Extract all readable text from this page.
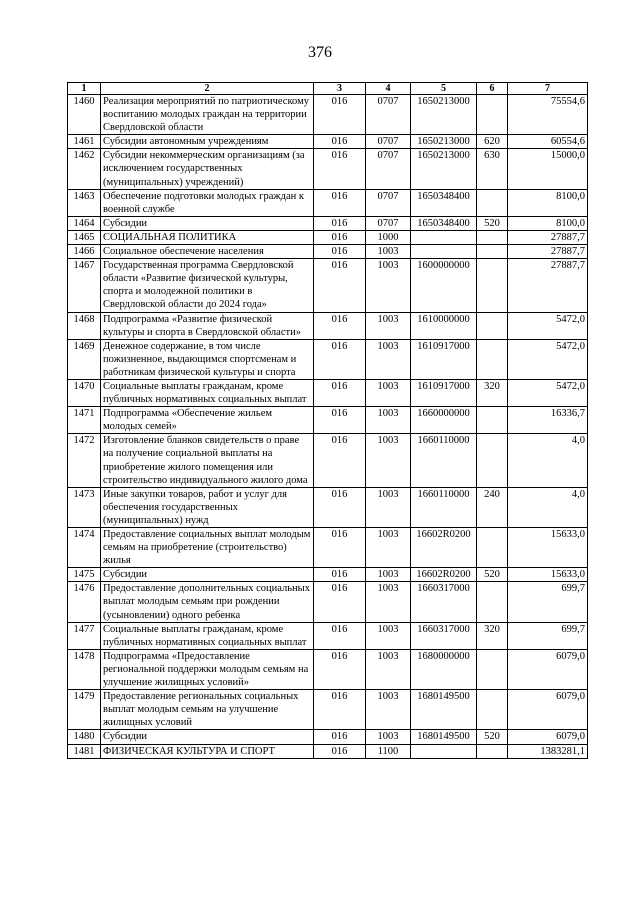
376
1	2	3	4	5	6	7
1460	Реализация мероприятий по патриотическому воспитанию молодых граждан на территории Свердловской области	016	0707	1650213000		75554,6
1461	Субсидии автономным учреждениям	016	0707	1650213000	620	60554,6
1462	Субсидии некоммерческим организациям (за исключением государственных (муниципальных) учреждений)	016	0707	1650213000	630	15000,0
1463	Обеспечение подготовки молодых граждан к военной службе	016	0707	1650348400		8100,0
1464	Субсидии	016	0707	1650348400	520	8100,0
1465	СОЦИАЛЬНАЯ ПОЛИТИКА	016	1000			27887,7
1466	Социальное обеспечение населения	016	1003			27887,7
1467	Государственная программа Свердловской области «Развитие физической культуры, спорта и молодежной политики в Свердловской области до 2024 года»	016	1003	1600000000		27887,7
1468	Подпрограмма «Развитие физической культуры и спорта в Свердловской области»	016	1003	1610000000		5472,0
1469	Денежное содержание, в том числе пожизненное, выдающимся спортсменам и работникам физической культуры и спорта	016	1003	1610917000		5472,0
1470	Социальные выплаты гражданам, кроме публичных нормативных социальных выплат	016	1003	1610917000	320	5472,0
1471	Подпрограмма «Обеспечение жильем молодых семей»	016	1003	1660000000		16336,7
1472	Изготовление бланков свидетельств о праве на получение социальной выплаты на приобретение жилого помещения или строительство индивидуального жилого дома	016	1003	1660110000		4,0
1473	Иные закупки товаров, работ и услуг для обеспечения государственных (муниципальных) нужд	016	1003	1660110000	240	4,0
1474	Предоставление социальных выплат молодым семьям на приобретение (строительство) жилья	016	1003	16602R0200		15633,0
1475	Субсидии	016	1003	16602R0200	520	15633,0
1476	Предоставление дополнительных социальных выплат молодым семьям при рождении (усыновлении) одного ребенка	016	1003	1660317000		699,7
1477	Социальные выплаты гражданам, кроме публичных нормативных социальных выплат	016	1003	1660317000	320	699,7
1478	Подпрограмма «Предоставление региональной поддержки молодым семьям на улучшение жилищных условий»	016	1003	1680000000		6079,0
1479	Предоставление региональных социальных выплат молодым семьям на улучшение жилищных условий	016	1003	1680149500		6079,0
1480	Субсидии	016	1003	1680149500	520	6079,0
1481	ФИЗИЧЕСКАЯ КУЛЬТУРА И СПОРТ	016	1100			1383281,1
